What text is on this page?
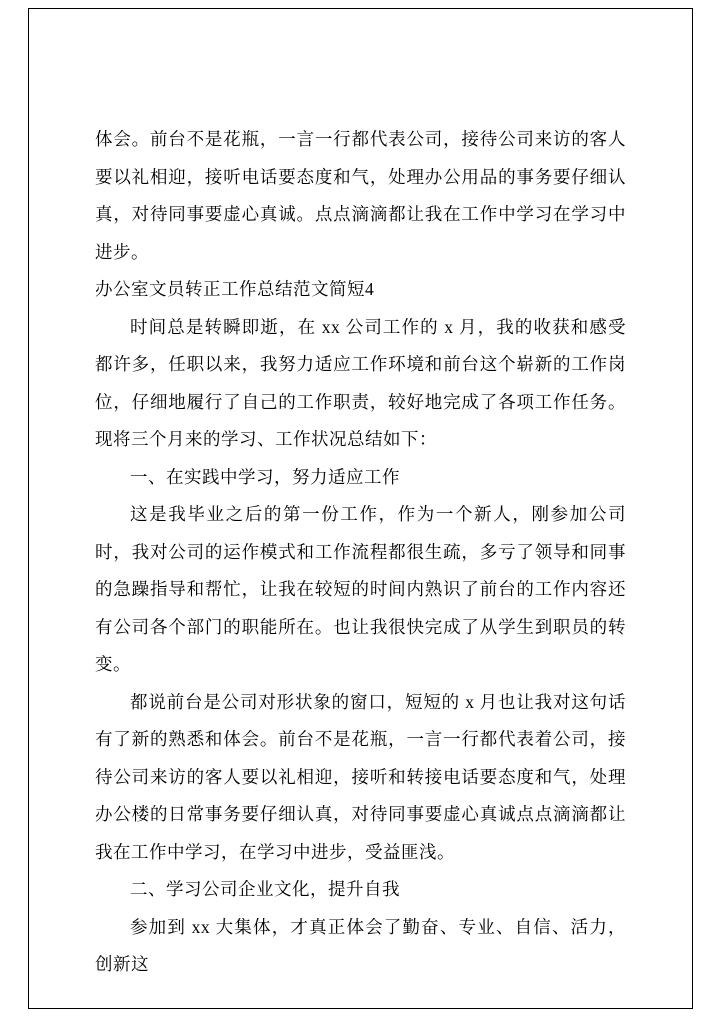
体会。前台不是花瓶，一言一行都代表公司，接待公司来访的客人要以礼相迎，接听电话要态度和气，处理办公用品的事务要仔细认真，对待同事要虚心真诚。点点滴滴都让我在工作中学习在学习中进步。

办公室文员转正工作总结范文简短4

时间总是转瞬即逝，在 xx 公司工作的 x 月，我的收获和感受都许多，任职以来，我努力适应工作环境和前台这个崭新的工作岗位，仔细地履行了自己的工作职责，较好地完成了各项工作任务。现将三个月来的学习、工作状况总结如下：

一、在实践中学习，努力适应工作

这是我毕业之后的第一份工作，作为一个新人，刚参加公司时，我对公司的运作模式和工作流程都很生疏，多亏了领导和同事的急躁指导和帮忙，让我在较短的时间内熟识了前台的工作内容还有公司各个部门的职能所在。也让我很快完成了从学生到职员的转变。

都说前台是公司对形状象的窗口，短短的 x 月也让我对这句话有了新的熟悉和体会。前台不是花瓶，一言一行都代表着公司，接待公司来访的客人要以礼相迎，接听和转接电话要态度和气，处理办公楼的日常事务要仔细认真，对待同事要虚心真诚点点滴滴都让我在工作中学习，在学习中进步，受益匪浅。

二、学习公司企业文化，提升自我

参加到 xx 大集体，才真正体会了勤奋、专业、自信、活力，创新这
